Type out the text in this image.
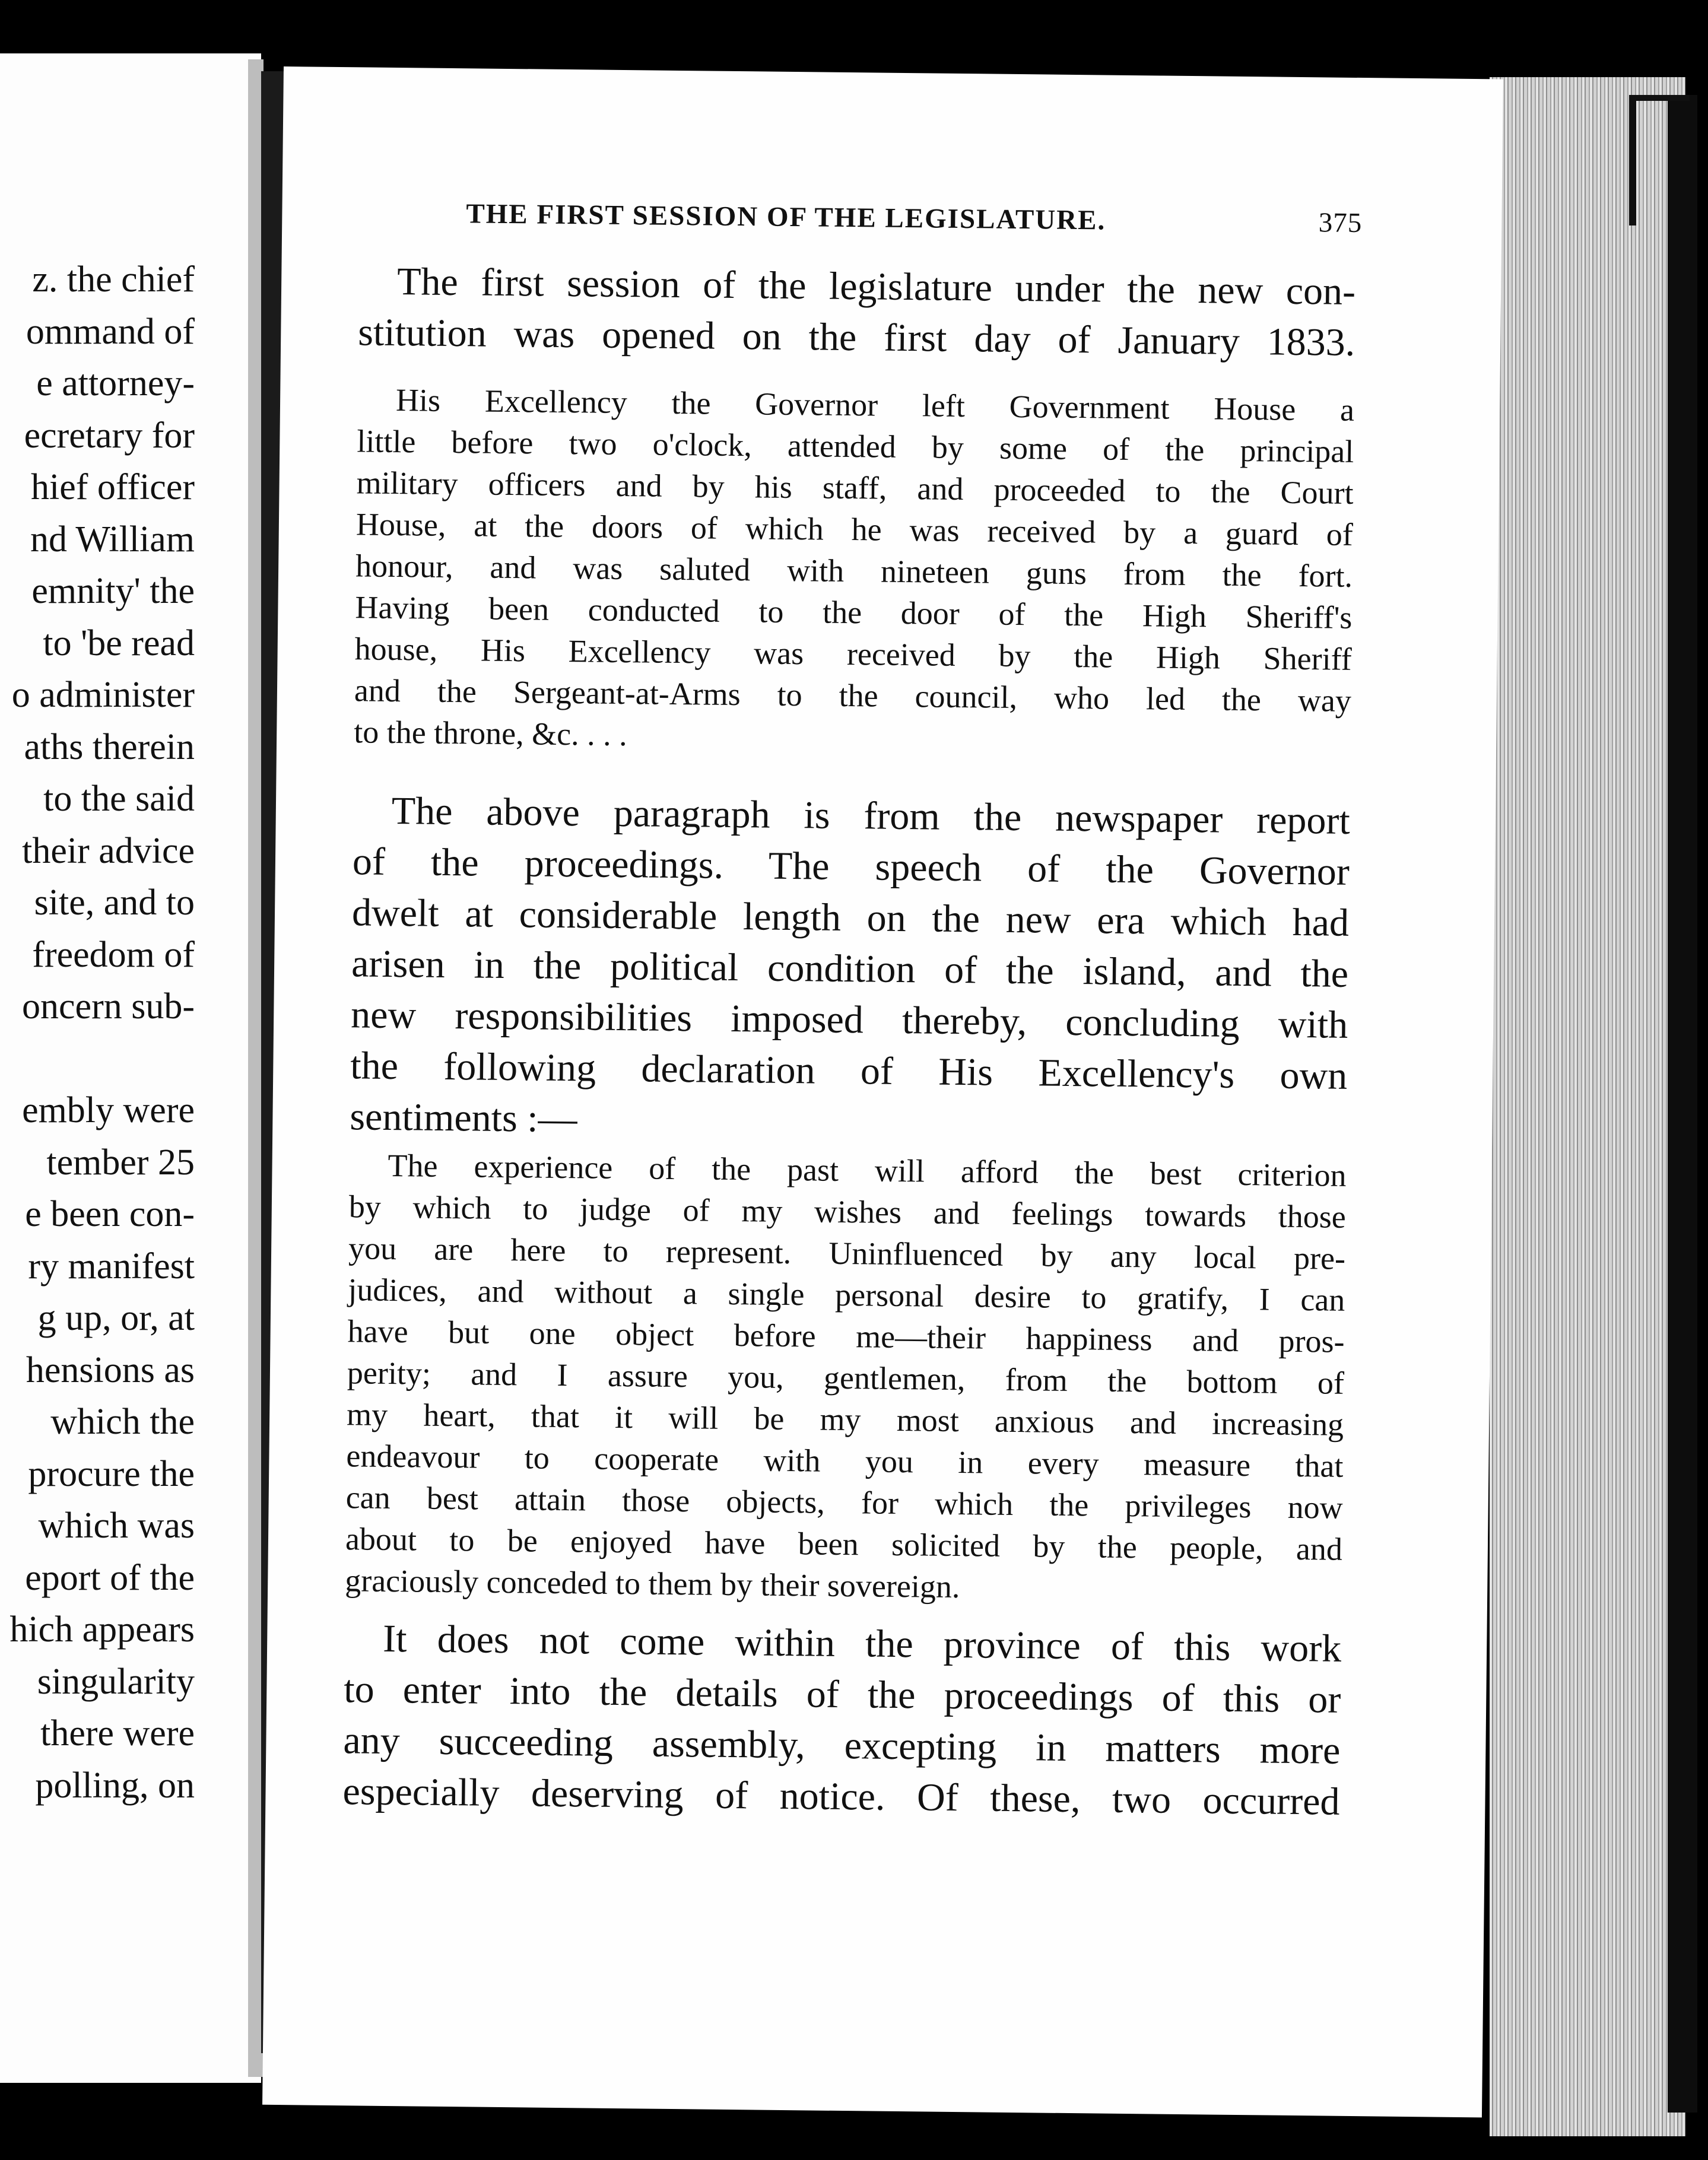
z. the chief
ommand of
e attorney-
ecretary for
hief officer
nd William
emnity' the
to 'be read
o administer
aths therein
to the said
their advice
site, and to
freedom of
oncern sub-
embly were
tember 25
e been con-
ry manifest
g up, or, at
hensions as
which the
procure the
which was
eport of the
hich appears
singularity
there were
polling, on
THE FIRST SESSION OF THE LEGISLATURE.	375
The first session of the legislature under the new con-
stitution was opened on the first day of January 1833.
His Excellency the Governor left Government House a
little before two o'clock, attended by some of the principal
military officers and by his staff, and proceeded to the Court
House, at the doors of which he was received by a guard of
honour, and was saluted with nineteen guns from the fort.
Having been conducted to the door of the High Sheriff's
house, His Excellency was received by the High Sheriff
and the Sergeant-at-Arms to the council, who led the way
to the throne, &c. . . .
The above paragraph is from the newspaper report
of the proceedings. The speech of the Governor
dwelt at considerable length on the new era which had
arisen in the political condition of the island, and the
new responsibilities imposed thereby, concluding with
the following declaration of His Excellency's own
sentiments :—
The experience of the past will afford the best criterion
by which to judge of my wishes and feelings towards those
you are here to represent. Uninfluenced by any local pre-
judices, and without a single personal desire to gratify, I can
have but one object before me—their happiness and pros-
perity; and I assure you, gentlemen, from the bottom of
my heart, that it will be my most anxious and increasing
endeavour to cooperate with you in every measure that
can best attain those objects, for which the privileges now
about to be enjoyed have been solicited by the people, and
graciously conceded to them by their sovereign.
It does not come within the province of this work
to enter into the details of the proceedings of this or
any succeeding assembly, excepting in matters more
especially deserving of notice. Of these, two occurred
